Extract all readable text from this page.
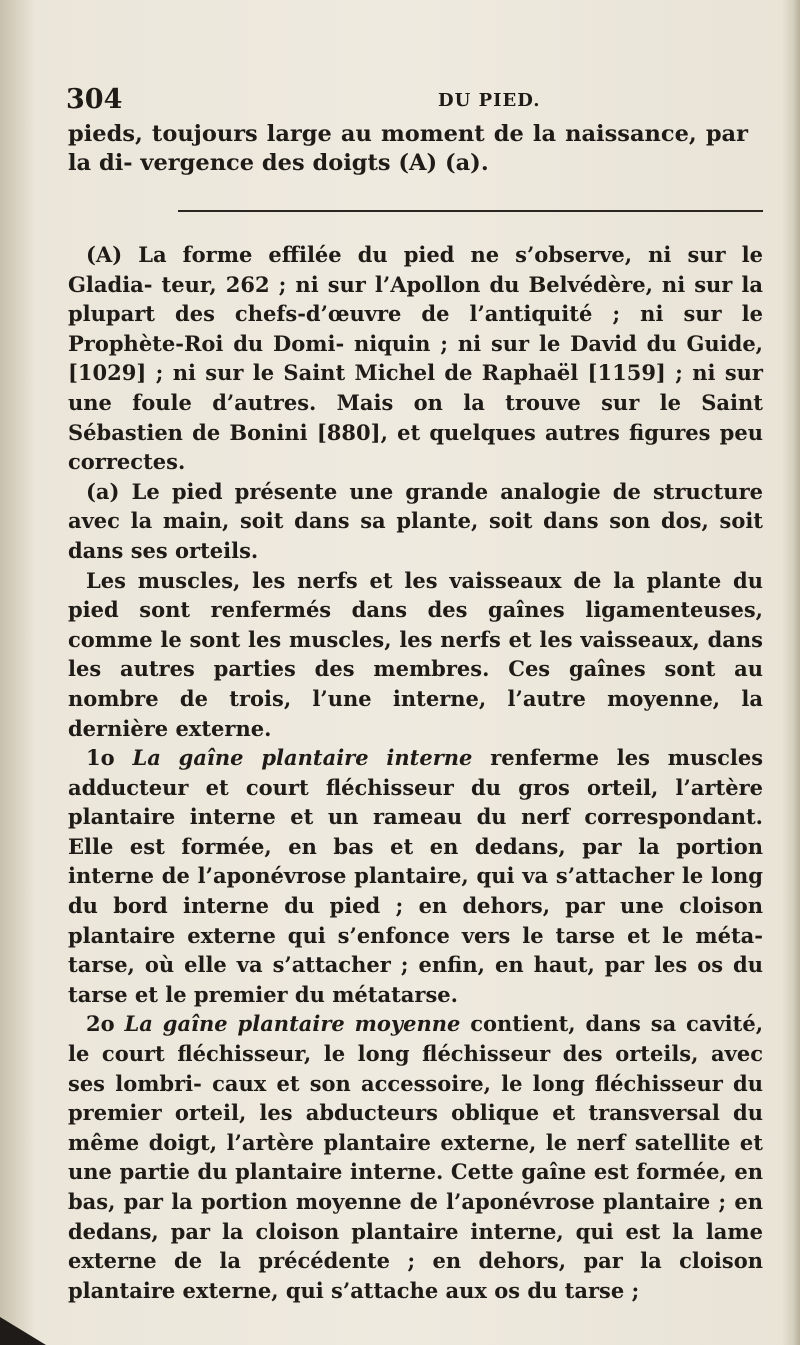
304	DU PIED.

pieds, toujours large au moment de la naissance, par la di- vergence des doigts (A) (a).

(A) La forme effilée du pied ne s’observe, ni sur le Gladia- teur, 262 ; ni sur l’Apollon du Belvédère, ni sur la plupart des chefs-d’œuvre de l’antiquité ; ni sur le Prophète-Roi du Domi- niquin ; ni sur le David du Guide, [1029] ; ni sur le Saint Michel de Raphaël [1159] ; ni sur une foule d’autres. Mais on la trouve sur le Saint Sébastien de Bonini [880], et quelques autres figures peu correctes.

(a) Le pied présente une grande analogie de structure avec la main, soit dans sa plante, soit dans son dos, soit dans ses orteils.

Les muscles, les nerfs et les vaisseaux de la plante du pied sont renfermés dans des gaînes ligamenteuses, comme le sont les muscles, les nerfs et les vaisseaux, dans les autres parties des membres. Ces gaînes sont au nombre de trois, l’une interne, l’autre moyenne, la dernière externe.

1o La gaîne plantaire interne renferme les muscles adducteur et court fléchisseur du gros orteil, l’artère plantaire interne et un rameau du nerf correspondant. Elle est formée, en bas et en dedans, par la portion interne de l’aponévrose plantaire, qui va s’attacher le long du bord interne du pied ; en dehors, par une cloison plantaire externe qui s’enfonce vers le tarse et le méta- tarse, où elle va s’attacher ; enfin, en haut, par les os du tarse et le premier du métatarse.

2o La gaîne plantaire moyenne contient, dans sa cavité, le court fléchisseur, le long fléchisseur des orteils, avec ses lombri- caux et son accessoire, le long fléchisseur du premier orteil, les abducteurs oblique et transversal du même doigt, l’artère plantaire externe, le nerf satellite et une partie du plantaire interne. Cette gaîne est formée, en bas, par la portion moyenne de l’aponévrose plantaire ; en dedans, par la cloison plantaire interne, qui est la lame externe de la précédente ; en dehors, par la cloison plantaire externe, qui s’attache aux os du tarse ;
